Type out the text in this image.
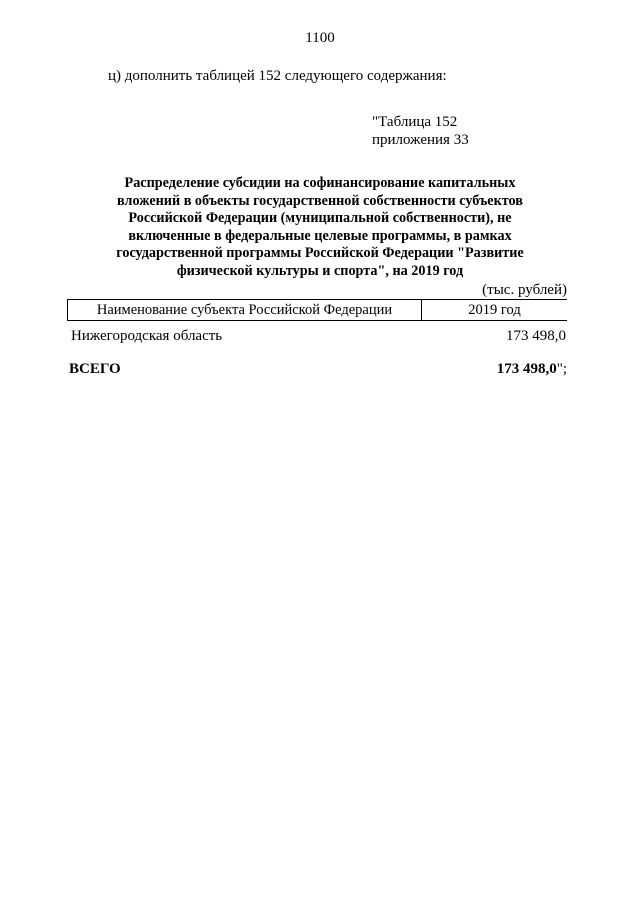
1100
ц) дополнить таблицей 152 следующего содержания:
"Таблица 152
приложения 33
Распределение субсидии на софинансирование капитальных
вложений в объекты государственной собственности субъектов
Российской Федерации (муниципальной собственности), не
включенные в федеральные целевые программы, в рамках
государственной программы Российской Федерации "Развитие
физической культуры и спорта", на 2019 год
(тыс. рублей)
Наименование субъекта Российской Федерации	2019 год
Нижегородская область	173 498,0
ВСЕГО	173 498,0";
